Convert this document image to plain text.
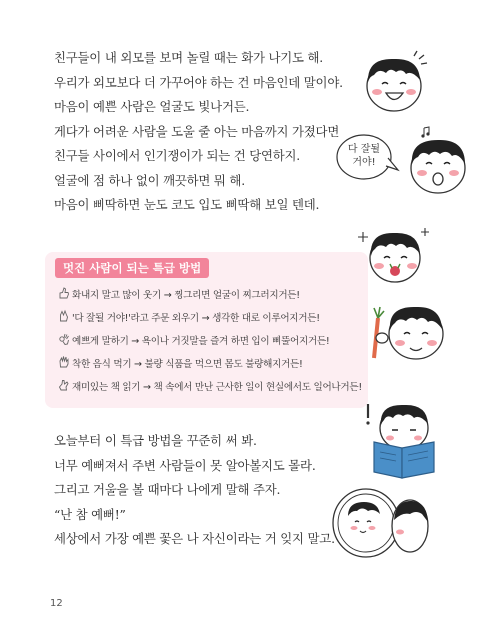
친구들이 내 외모를 보며 놀릴 때는 화가 나기도 해.

우리가 외모보다 더 가꾸어야 하는 건 마음인데 말이야.

마음이 예쁜 사람은 얼굴도 빛나거든.

게다가 어려운 사람을 도울 줄 아는 마음까지 가졌다면

친구들 사이에서 인기쟁이가 되는 건 당연하지.

얼굴에 점 하나 없이 깨끗하면 뭐 해.

마음이 삐딱하면 눈도 코도 입도 삐딱해 보일 텐데.

멋진 사람이 되는 특급 방법
화내지 말고 많이 웃기 → 찡그리면 얼굴이 찌그러지거든!
'다 잘될 거야!'라고 주문 외우기 → 생각한 대로 이루어지거든!
예쁘게 말하기 → 욕이나 거짓말을 즐겨 하면 입이 삐뚤어지거든!
착한 음식 먹기 → 불량 식품을 먹으면 몸도 불량해지거든!
재미있는 책 읽기 → 책 속에서 만난 근사한 일이 현실에서도 일어나거든!

오늘부터 이 특급 방법을 꾸준히 써 봐.

너무 예뻐져서 주변 사람들이 못 알아볼지도 몰라.

그리고 거울을 볼 때마다 나에게 말해 주자.

“난 참 예뻐!”

세상에서 가장 예쁜 꽃은 나 자신이라는 거 잊지 말고.

12
다 잘될
거야!
